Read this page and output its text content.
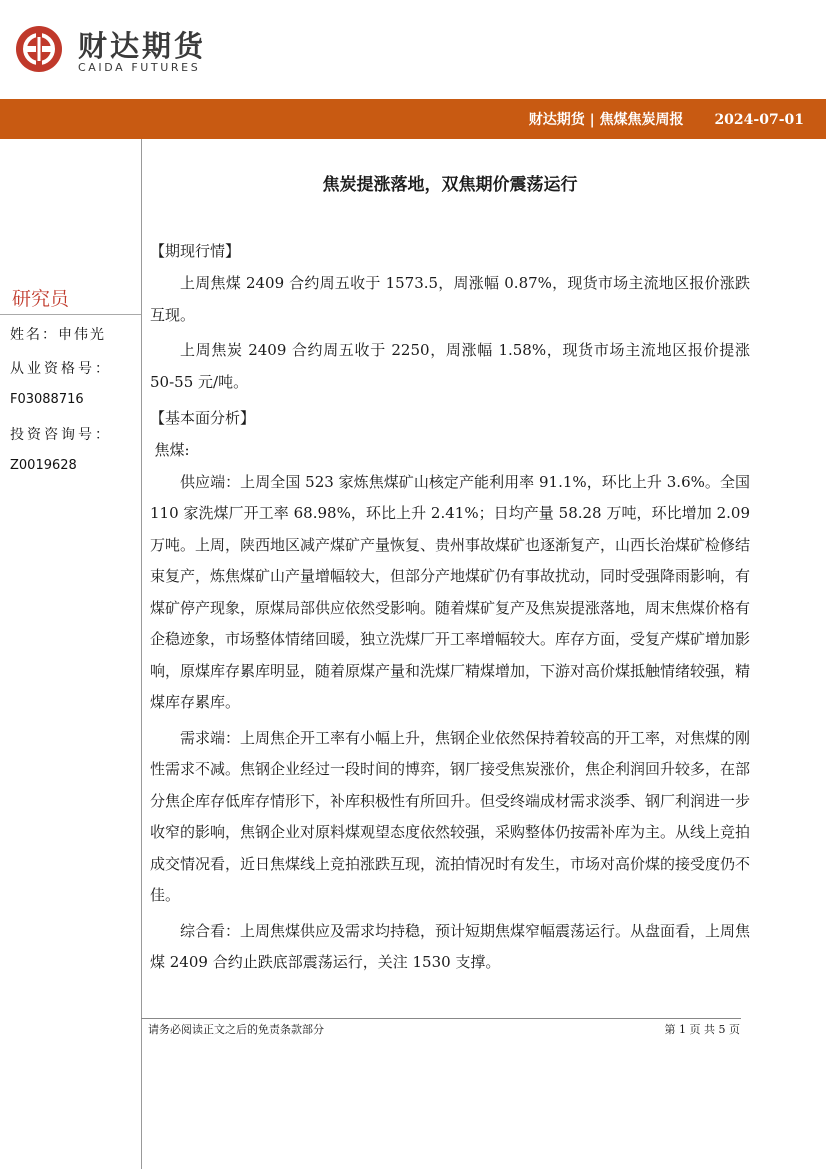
财达期货
CAIDA FUTURES
财达期货 | 焦煤焦炭周报 2024-07-01
研究员
姓名：申伟光
从业资格号：
F03088716
投资咨询号：
Z0019628
焦炭提涨落地，双焦期价震荡运行

【期现行情】

上周焦煤 2409 合约周五收于 1573.5，周涨幅 0.87%，现货市场主流地区报价涨跌互现。

上周焦炭 2409 合约周五收于 2250，周涨幅 1.58%，现货市场主流地区报价提涨 50-55 元/吨。

【基本面分析】

焦煤:

供应端：上周全国 523 家炼焦煤矿山核定产能利用率 91.1%，环比上升 3.6%。全国 110 家洗煤厂开工率 68.98%，环比上升 2.41%；日均产量 58.28 万吨，环比增加 2.09 万吨。上周，陕西地区减产煤矿产量恢复、贵州事故煤矿也逐渐复产，山西长治煤矿检修结束复产，炼焦煤矿山产量增幅较大，但部分产地煤矿仍有事故扰动，同时受强降雨影响，有煤矿停产现象，原煤局部供应依然受影响。随着煤矿复产及焦炭提涨落地，周末焦煤价格有企稳迹象，市场整体情绪回暖，独立洗煤厂开工率增幅较大。库存方面，受复产煤矿增加影响，原煤库存累库明显，随着原煤产量和洗煤厂精煤增加，下游对高价煤抵触情绪较强，精煤库存累库。

需求端：上周焦企开工率有小幅上升，焦钢企业依然保持着较高的开工率，对焦煤的刚性需求不减。焦钢企业经过一段时间的博弈，钢厂接受焦炭涨价，焦企利润回升较多，在部分焦企库存低库存情形下，补库积极性有所回升。但受终端成材需求淡季、钢厂利润进一步收窄的影响，焦钢企业对原料煤观望态度依然较强，采购整体仍按需补库为主。从线上竞拍成交情况看，近日焦煤线上竞拍涨跌互现，流拍情况时有发生，市场对高价煤的接受度仍不佳。

综合看：上周焦煤供应及需求均持稳，预计短期焦煤窄幅震荡运行。从盘面看，上周焦煤 2409 合约止跌底部震荡运行，关注 1530 支撑。

请务必阅读正文之后的免责条款部分	第 1 页 共 5 页
